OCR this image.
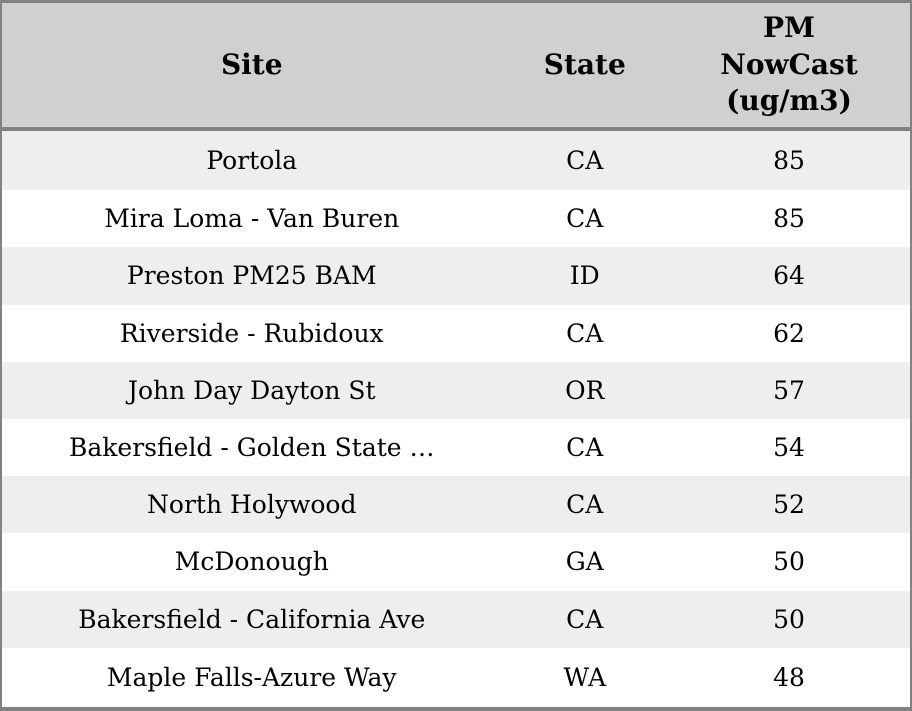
Site	State	PM NowCast (ug/m3)
Portola	CA	85
Mira Loma - Van Buren	CA	85
Preston PM25 BAM	ID	64
Riverside - Rubidoux	CA	62
John Day Dayton St	OR	57
Bakersfield - Golden State …	CA	54
North Holywood	CA	52
McDonough	GA	50
Bakersfield - California Ave	CA	50
Maple Falls-Azure Way	WA	48
